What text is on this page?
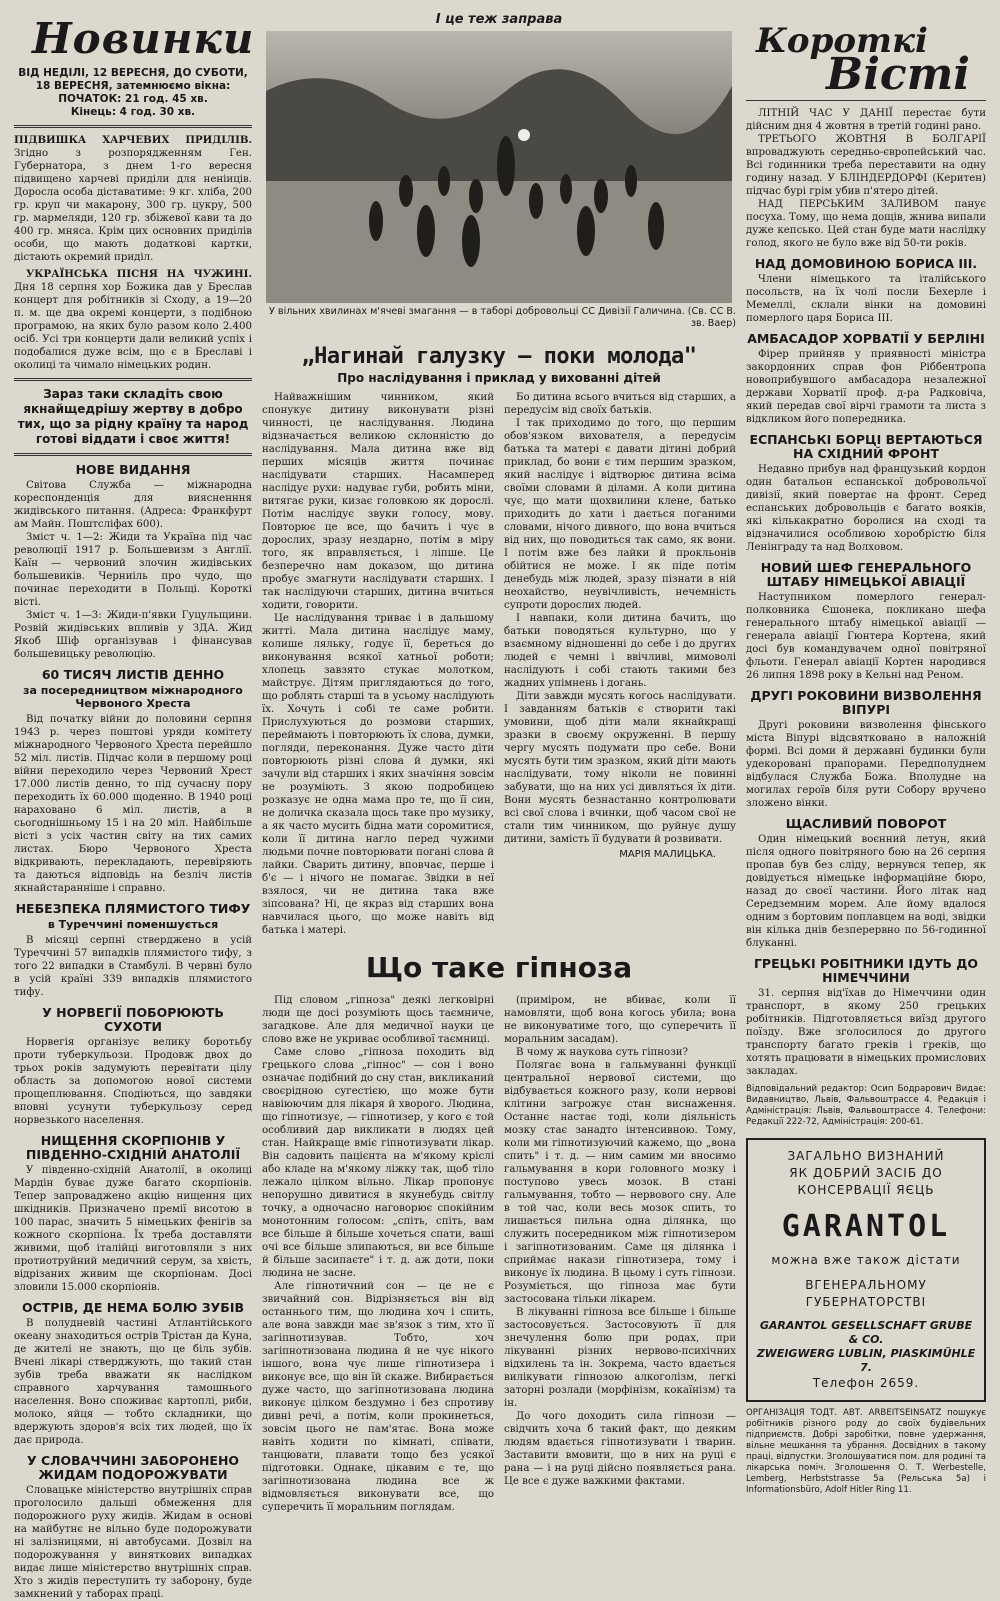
Новинки
ВІД НЕДІЛІ, 12 ВЕРЕСНЯ, ДО СУБОТИ,
18 ВЕРЕСНЯ, затемнюємо вікна:
ПОЧАТОК: 21 год. 45 хв.
Кінець: 4 год. 30 хв.

ПІДВИШКА ХАРЧЕВИХ ПРИДІЛІВ. Згідно з розпорядженням Ген. Губернатора, з днем 1-го вересня підвищено харчеві приділи для неніиців. Дорослa особа діставатиме: 9 кг. хліба, 200 гр. круп чи макарону, 300 гр. цукру, 500 гр. мармеляди, 120 гр. збіжевої кави та до 400 гр. мняса. Крім цих основних приділів особи, що мають додаткові картки, дістають окремий приділ.

УКРАЇНСЬКА ПІСНЯ НА ЧУЖИНІ. Дня 18 серпня хор Божика дав у Бреслав концерт для робітників зі Сходу, а 19—20 п. м. ще два окремі концерти, з подібною програмою, на яких було разом коло 2.400 осіб. Усі три концерти дали великий успіх і подобалися дуже всім, що є в Бреславі і околиці та чимало німецьких родин.

Зараз таки складіть свою якнайщедрішу жертву в добро тих, що за рідну країну та народ готові віддати і своє життя!
НОВЕ ВИДАННЯ

Світова Служба — міжнародна кореспонденція для виясненння жидівського питання. (Адреса: Франкфурт ам Майн. Поштсліфах 600).

Зміст ч. 1—2: Жиди та Україна під час революції 1917 р. Большевизм з Англії. Каїн — червоний злочин жидівських большевиків. Черниіль про чудо, що починає переходити в Польщі. Короткі вісті.

Зміст ч. 1—3: Жиди-п'явки Гуцульщини. Розвій жидівських впливів у ЗДА. Жид Якоб Шіф організував і фінансував большевицьку революцію.

60 ТИСЯЧ ЛИСТІВ ДЕННО
за посередництвом міжнародного Червоного Хреста

Від початку війни до половини серпня 1943 р. через поштові уряди комітету міжнародного Червоного Хреста перейшло 52 міл. листів. Підчас коли в першому році війни переходило через Червоний Хрест 17.000 листів денно, то під сучасну пору переходить їх 60.000 щоденно. В 1940 році нараховано 6 міл. листів, а в сьогоднішньому 15 і на 20 міл. Найбільше вісті з усіх частин світу на тих самих листах. Бюро Червоного Хреста відкривають, перекладають, перевіряють та даються відповідь на безліч листів якнайстаранніше і справно.

НЕБЕЗПЕКА ПЛЯМИСТОГО ТИФУ
в Туреччині поменшується

В місяці серпні стверджено в усій Туреччині 57 випадків плямистого тифу, з того 22 випадки в Стамбулі. В червні було в усій країні 339 випадків плямистого тифу.

У НОРВЕГІЇ ПОБОРЮЮТЬ СУХОТИ

Норвегія організує велику боротьбу проти туберкульози. Продовж двох до трьох років задумують перевітати цілу область за допомогою нової системи прощеплювання. Сподіються, що завдяки вповні усунути туберкульозу серед норвезького населення.

НИЩЕННЯ СКОРПІОНІВ У ПІВДЕННО-СХІДНІЙ АНАТОЛІЇ

У південно-східній Анатолії, в околиці Мардін буває дуже багато скорпіонів. Тепер запроваджено акцію нищення цих шкідників. Призначено премії висотою в 100 парас, значить 5 німецьких фенігів за кожного скорпіона. Їх треба доставляти живими, щоб італійці виготовляли з них протиотруйний медичний серум, за хвість, відрізаних живим ще скорпіонам. Досі зловили 15.000 скорпіонів.

ОСТРІВ, ДЕ НЕМА БОЛЮ ЗУБІВ

В полудневій частині Атлантійського океану знаходиться острів Трістан да Куна, де жителі не знають, що це біль зубів. Вчені лікарі стверджують, що такий стан зубів треба вважати як наслідком справного харчування тамошнього населення. Воно споживає картоплі, риби, молоко, яйця — тобто складники, що вдержують здоров'я всіх тих людей, що їх дає природа.

У СЛОВАЧЧИНІ ЗАБОРОНЕНО ЖИДАМ ПОДОРОЖУВАТИ

Словацьке міністерство внутрішніх справ проголосило дальші обмеження для подорожного руху жидів. Жидам в основі на майбутнє не вільно буде подорожувати ні залізницями, ні автобусами. Дозвіл на подорожування у виняткових випадках видає лише міністерство внутрішніх справ. Хто з жидів переступить ту заборону, буде замкнений у таборах праці.

І це теж заправа
У вільних хвилинах м'ячеві змагання — в таборі добровольці СС Дивізії Галичина. (Св. СС В. зв. Ваер)
„Нагинай галузку — поки молода"
Про наслідування і приклад у вихованні дітей

Найважнішим чинником, який спонукує дитину виконувати різні чинності, це наслідування. Людина відзначається великою склонністю до наслідування. Мала дитина вже від перших місяців життя починає наслідувати старших. Насамперед наслідує рухи: надуває губи, робить міни, витягає руки, кизає головкою як дорослі. Потім наслідує звуки голосу, мову. Повторює це все, що бачить і чує в дорослих, зразу нездарно, потім в міру того, як вправляється, і ліпше. Це безперечно нам доказом, що дитина пробує змагнути наслідувати старших. І так наслідуючи старших, дитина вчиться ходити, говорити.

Це наслідування триває і в дальшому житті. Мала дитина наслідує маму, колише ляльку, годує її, береться до виконування всякої хатньої роботи; хлопець завзято стукає молотком, майструє. Дітям приглядаються до того, що роблять старші та в усьому наслідують їх. Хочуть і собі те саме робити. Прислухуються до розмови старших, переймають і повторюють їх слова, думки, погляди, переконання. Дуже часто діти повторюють різні слова й думки, які зачули від старших і яких значіння зовсім не розуміють. З якою подробицею розказує не одна мама про те, що її син, не доличка сказала щось таке про музику, а як часто мусить бідна мати соромитися, коли її дитина нагло перед чужими людьми почне повторювати погані слова й лайки. Сварить дитину, вповчає, перше і б'є — і нічого не помагає. Звідки в неї взялося, чи не дитина така вже зіпсована? Ні, це якраз від старших вона навчилася цього, що може навіть від батька і матері.

Бо дитина всього вчиться від старших, а передусім від своїх батьків.

І так приходимо до того, що першим обов'язком вихователя, а передусім батька та матері є давати дітині добрий приклад, бо вони є тим першим зразком, який наслідує і відтворює дитина всіма своїми словами й ділами. А коли дитина чує, що мати щохвилини клене, батько приходить до хати і дається поганими словами, нічого дивного, що вона вчиться від них, що поводиться так само, як вони. І потім вже без лайки й прокльонів обійтися не може. І як піде потім денебудь між людей, зразу пізнати в ній неохайство, неувічливість, нечемність супроти дорослих людей.

І навпаки, коли дитина бачить, що батьки поводяться культурно, що у взаємному відношенні до себе і до других людей є чемні і ввічливі, мимоволі наслідують і собі стають такими без жадних упімнень і догань.

Діти завжди мусять когось наслідувати. І завданням батьків є створити такі умовини, щоб діти мали якнайкращі зразки в своєму окруженні. В першу чергу мусять подумати про себе. Вони мусять бути тим зразком, який діти мають наслідувати, тому ніколи не повинні забувати, що на них усі дивляться їх діти. Вони мусять безнастанно контролювати всі свої слова і вчинки, щоб часом свої не стали тим чинником, що руйнує душу дитини, замість її будувати й розвивати.

МАРІЯ МАЛИЦЬКА.
Що таке гіпноза

Під словом „гіпноза" деякі легковірні люди ще досі розуміють щось таємниче, загадкове. Але для медичної науки це слово вже не укриває особливої таємниці.

Саме слово „гіпноза походить від грецького слова „гіпнос" — сон і воно означає подібний до сну стан, викликаний своєрідною сугестією, що може бути навіюючим для лікаря й хворого. Людина, що гіпнотизує, — гіпнотизер, у кого є той особливий дар викликати в людях цей стан. Найкраще вміє гіпнотизувати лікар. Він садовить пацієнта на м'якому кріслі або кладе на м'якому ліжку так, щоб тіло лежало цілком вільно. Лікар пропонує непорушно дивитися в якунебудь світлу точку, а одночасно наговорює спокійним монотонним голосом: „спіть, спіть, вам все більше й більше хочеться спати, ваші очі все більше злипаються, ви все більше й більше засипаєте" і т. д. аж доти, поки людина не засне.

Але гіпнотичний сон — це не є звичайний сон. Відрізняється він від останнього тим, що людина хоч і спить, але вона завжди має зв'язок з тим, хто її загіпнотизував. Тобто, хоч загіпнотизована людина й не чує нікого іншого, вона чує лише гіпнотизера і виконує все, що він їй скаже. Вибирається дуже часто, що загіпнотизована людина виконує цілком бездумно і без спротиву дивні речі, а потім, коли прокинеться, зовсім цього не пам'ятає. Вона може навіть ходити по кімнаті, співати, танцювати, плавати тощо без усякої підготовки. Однаке, цікавим є те, що загіпнотизована людина все ж відмовляється виконувати все, що суперечить її моральним поглядам.

(приміром, не вбиває, коли її намовляти, щоб вона когось убила; вона не виконуватиме того, що суперечить її моральним засадам).

В чому ж наукова суть гіпнози?

Полягає вона в гальмуванні функції центральної нервової системи, що відбувається кожного разу, коли нервові клітини загрожує стан виснаження. Останнє настає тоді, коли діяльність мозку стає занадто інтенсивною. Тому, коли ми гіпнотизуючий кажемо, що „вона спить" і т. д. — ним самим ми вносимо гальмування в кори головного мозку і поступово увесь мозок. В стані гальмування, тобто — нервового сну. Але в той час, коли весь мозок спить, то лишається пильна одна ділянка, що служить посередником між гіпнотизером і загіпнотизованим. Саме ця ділянка і сприймає накази гіпнотизера, тому і виконує їх людина. В цьому і суть гіпнози. Розуміється, що гіпноза має бути застосована тільки лікарем.

В лікуванні гіпноза все більше і більше застосовується. Застосовують її для знечулення болю при родах, при лікуванні різних нервово-психічних відхилень та ін. Зокрема, часто вдається вилікувати гіпнозою алкоголізм, легкі заторні розлади (морфінізм, кокаїнізм) та ін.

До чого доходить сила гіпнози — свідчить хоча б такий факт, що деяким людям вдається гіпнотизувати і тварин. Заставити вмовити, що в них на руці є рана — і на руці дійсно появляється рана. Це все є дуже важкими фактами.

Короткі
Вісті

ЛІТНІЙ ЧАС У ДАНІЇ перестає бути дійсним дня 4 жовтня в третій годині рано.

ТРЕТЬОГО ЖОВТНЯ В БОЛГАРІЇ впроваджують середньо-європейський час. Всі годинники треба переставити на одну годину назад. У БЛІНДЕРДОРФІ (Керитен) підчас бурі грім убив п'ятеро дітей.

НАД ПЕРСЬКИМ ЗАЛИВОМ панує посуха. Тому, що нема дощів, жнива випали дуже кепсько. Цей стан буде мати наслідку голод, якого не було вже від 50-ти років.

НАД ДОМОВИНОЮ БОРИСА III.

Члени німецького та італійського посольств, на їх чолі посли Бехерле і Мемеллі, склали вінки на домовині померлого царя Бориса III.

АМБАСАДОР ХОРВАТІЇ У БЕРЛІНІ

Фірер прийняв у приявності міністра закордонних справ фон Ріббентропа новоприбувшого амбасадора незалежної держави Хорватії проф. д-ра Радковіча, який передав свої вірчі грамоти та листа з відкликом його попередника.

ЕСПАНСЬКІ БОРЦІ ВЕРТАЮТЬСЯ НА СХІДНИЙ ФРОНТ

Недавно прибув над французький кордон один батальон еспанської добровольчої дивізії, який повертає на фронт. Серед еспанських добровольців є багато вояків, які кількакратно боролися на сході та відзначилися особливою хоробрістю біля Ленінграду та над Волховом.

НОВИЙ ШЕФ ГЕНЕРАЛЬНОГО ШТАБУ НІМЕЦЬКОЇ АВІАЦІЇ

Наступником померлого генерал-полковника Єшонека, покликано шефа генерального штабу німецької авіації — генерала авіації Гюнтера Кортена, який досі був командувачем одної повітряної фльоти. Генерал авіації Кортен народився 26 липня 1898 року в Кельні над Реном.

ДРУГІ РОКОВИНИ ВИЗВОЛЕННЯ ВІПУРІ

Другі роковини визволення фінського міста Віпурі відсвятковано в наложній формі. Всі доми й державні будинки були удекоровані прапорами. Передполуднем відбулася Служба Божа. Вполудне на могилах героїв біля рути Собору вручено зложено вінки.

ЩАСЛИВИЙ ПОВОРОТ

Один німецький воєнний летун, який після одного повітряного бою на 26 серпня пропав був без сліду, вернувся тепер, як довідується німецьке інформаційне бюро, назад до своєї частини. Його літак над Середземним морем. Але йому вдалося одним з бортовим поплавцем на воді, звідки він кілька днів безперервно по 56-годинної блуканні.

ГРЕЦЬКІ РОБІТНИКИ ІДУТЬ ДО НІМЕЧЧИНИ

31. серпня від'їхав до Німеччини один транспорт, в якому 250 грецьких робітників. Підготовляється виїзд другого поїзду. Вже зголосилося до другого транспорту багато греків і греків, що хотять працювати в німецьких промислових закладах.

Відповідальний редактор: Осип Бодрарович Видає: Видавництво, Львів, Фальвоштрассе 4. Редакція і Адміністрація: Львів, Фальвоштрассе 4. Телефони: Редакції 222-72, Адміністрація: 200-61.
ЗАГАЛЬНО ВИЗНАНИЙ
ЯК ДОБРИЙ ЗАСІБ ДО
КОНСЕРВАЦІЇ ЯЄЦЬ
GARANTOL
можна вже також дістати
ВГЕНЕРАЛЬНОМУ
ГУБЕРНАТОРСТВІ
GARANTOL GESELLSCHAFT GRUBE & CO.
ZWEIGWERG LUBLIN, PIASKIMÜHLE 7.
Телефон 2659.
ОРГАНІЗАЦІЯ ТОДТ. АВТ. ARBEITSEINSATZ пошукує робітників різного роду до своїх будівельних підприємств. Добрі заробітки, повне удержання, вільне мешкання та убрання. Досвідних в такому праці, відпустки. Зголошуватися пом. для родині та лікарська поміч. Зголошення О. Т. Werbestelle, Lemberg, Herbststrasse 5a (Рельська 5a) і Informationsbüro, Adolf Hitler Ring 11.
